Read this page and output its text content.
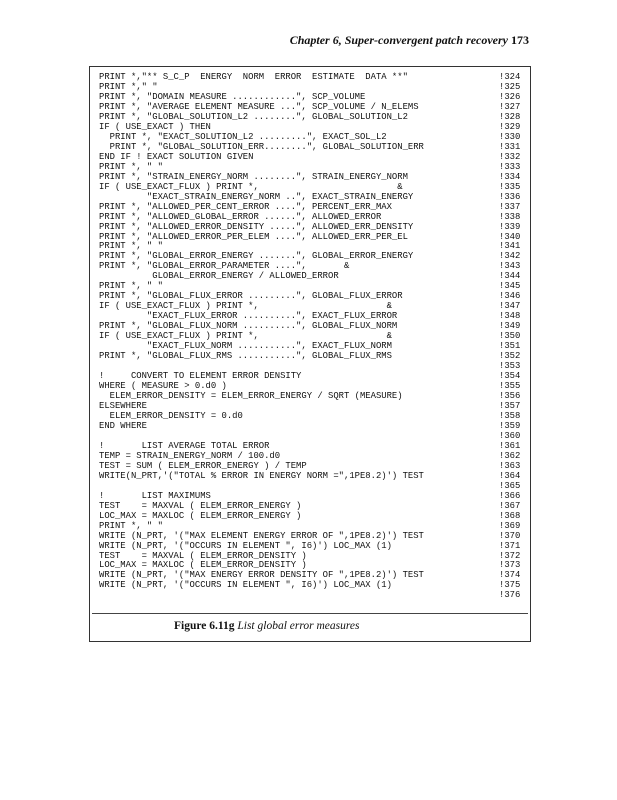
Chapter 6, Super-convergent patch recovery 173
PRINT *,"** S_C_P  ENERGY  NORM  ERROR  ESTIMATE  DATA **"	!324
PRINT *," "	!325
PRINT *, "DOMAIN MEASURE ............", SCP_VOLUME	!326
PRINT *, "AVERAGE ELEMENT MEASURE ...", SCP_VOLUME / N_ELEMS	!327
PRINT *, "GLOBAL_SOLUTION_L2 ........", GLOBAL_SOLUTION_L2	!328
IF ( USE_EXACT ) THEN	!329
PRINT *, "EXACT_SOLUTION_L2 .........", EXACT_SOL_L2	!330
PRINT *, "GLOBAL_SOLUTION_ERR........", GLOBAL_SOLUTION_ERR	!331
END IF ! EXACT SOLUTION GIVEN	!332
PRINT *, " "	!333
PRINT *, "STRAIN_ENERGY_NORM ........", STRAIN_ENERGY_NORM	!334
IF ( USE_EXACT_FLUX ) PRINT *,                          &	!335
"EXACT_STRAIN_ENERGY_NORM ..", EXACT_STRAIN_ENERGY	!336
PRINT *, "ALLOWED_PER_CENT_ERROR ....", PERCENT_ERR_MAX	!337
PRINT *, "ALLOWED_GLOBAL_ERROR ......", ALLOWED_ERROR	!338
PRINT *, "ALLOWED_ERROR_DENSITY .....", ALLOWED_ERR_DENSITY	!339
PRINT *, "ALLOWED_ERROR_PER_ELEM ....", ALLOWED_ERR_PER_EL	!340
PRINT *, " "	!341
PRINT *, "GLOBAL_ERROR_ENERGY .......", GLOBAL_ERROR_ENERGY	!342
PRINT *, "GLOBAL_ERROR_PARAMETER ....",       &	!343
GLOBAL_ERROR_ENERGY / ALLOWED_ERROR	!344
PRINT *, " "	!345
PRINT *, "GLOBAL_FLUX_ERROR .........", GLOBAL_FLUX_ERROR	!346
IF ( USE_EXACT_FLUX ) PRINT *,                        &	!347
"EXACT_FLUX_ERROR ..........", EXACT_FLUX_ERROR	!348
PRINT *, "GLOBAL_FLUX_NORM ..........", GLOBAL_FLUX_NORM	!349
IF ( USE_EXACT_FLUX ) PRINT *,                        &	!350
"EXACT_FLUX_NORM ...........", EXACT_FLUX_NORM	!351
PRINT *, "GLOBAL_FLUX_RMS ...........", GLOBAL_FLUX_RMS	!352
!353
!     CONVERT TO ELEMENT ERROR DENSITY	!354
WHERE ( MEASURE > 0.d0 )	!355
ELEM_ERROR_DENSITY = ELEM_ERROR_ENERGY / SQRT (MEASURE)	!356
ELSEWHERE	!357
ELEM_ERROR_DENSITY = 0.d0	!358
END WHERE	!359
!360
!       LIST AVERAGE TOTAL ERROR	!361
TEMP = STRAIN_ENERGY_NORM / 100.d0	!362
TEST = SUM ( ELEM_ERROR_ENERGY ) / TEMP	!363
WRITE(N_PRT,'("TOTAL % ERROR IN ENERGY NORM =",1PE8.2)') TEST	!364
!365
!       LIST MAXIMUMS	!366
TEST    = MAXVAL ( ELEM_ERROR_ENERGY )	!367
LOC_MAX = MAXLOC ( ELEM_ERROR_ENERGY )	!368
PRINT *, " "	!369
WRITE (N_PRT, '("MAX ELEMENT ENERGY ERROR OF ",1PE8.2)') TEST	!370
WRITE (N_PRT, '("OCCURS IN ELEMENT ", I6)') LOC_MAX (1)	!371
TEST    = MAXVAL ( ELEM_ERROR_DENSITY )	!372
LOC_MAX = MAXLOC ( ELEM_ERROR_DENSITY )	!373
WRITE (N_PRT, '("MAX ENERGY ERROR DENSITY OF ",1PE8.2)') TEST	!374
WRITE (N_PRT, '("OCCURS IN ELEMENT ", I6)') LOC_MAX (1)	!375
!376
Figure 6.11g List global error measures
